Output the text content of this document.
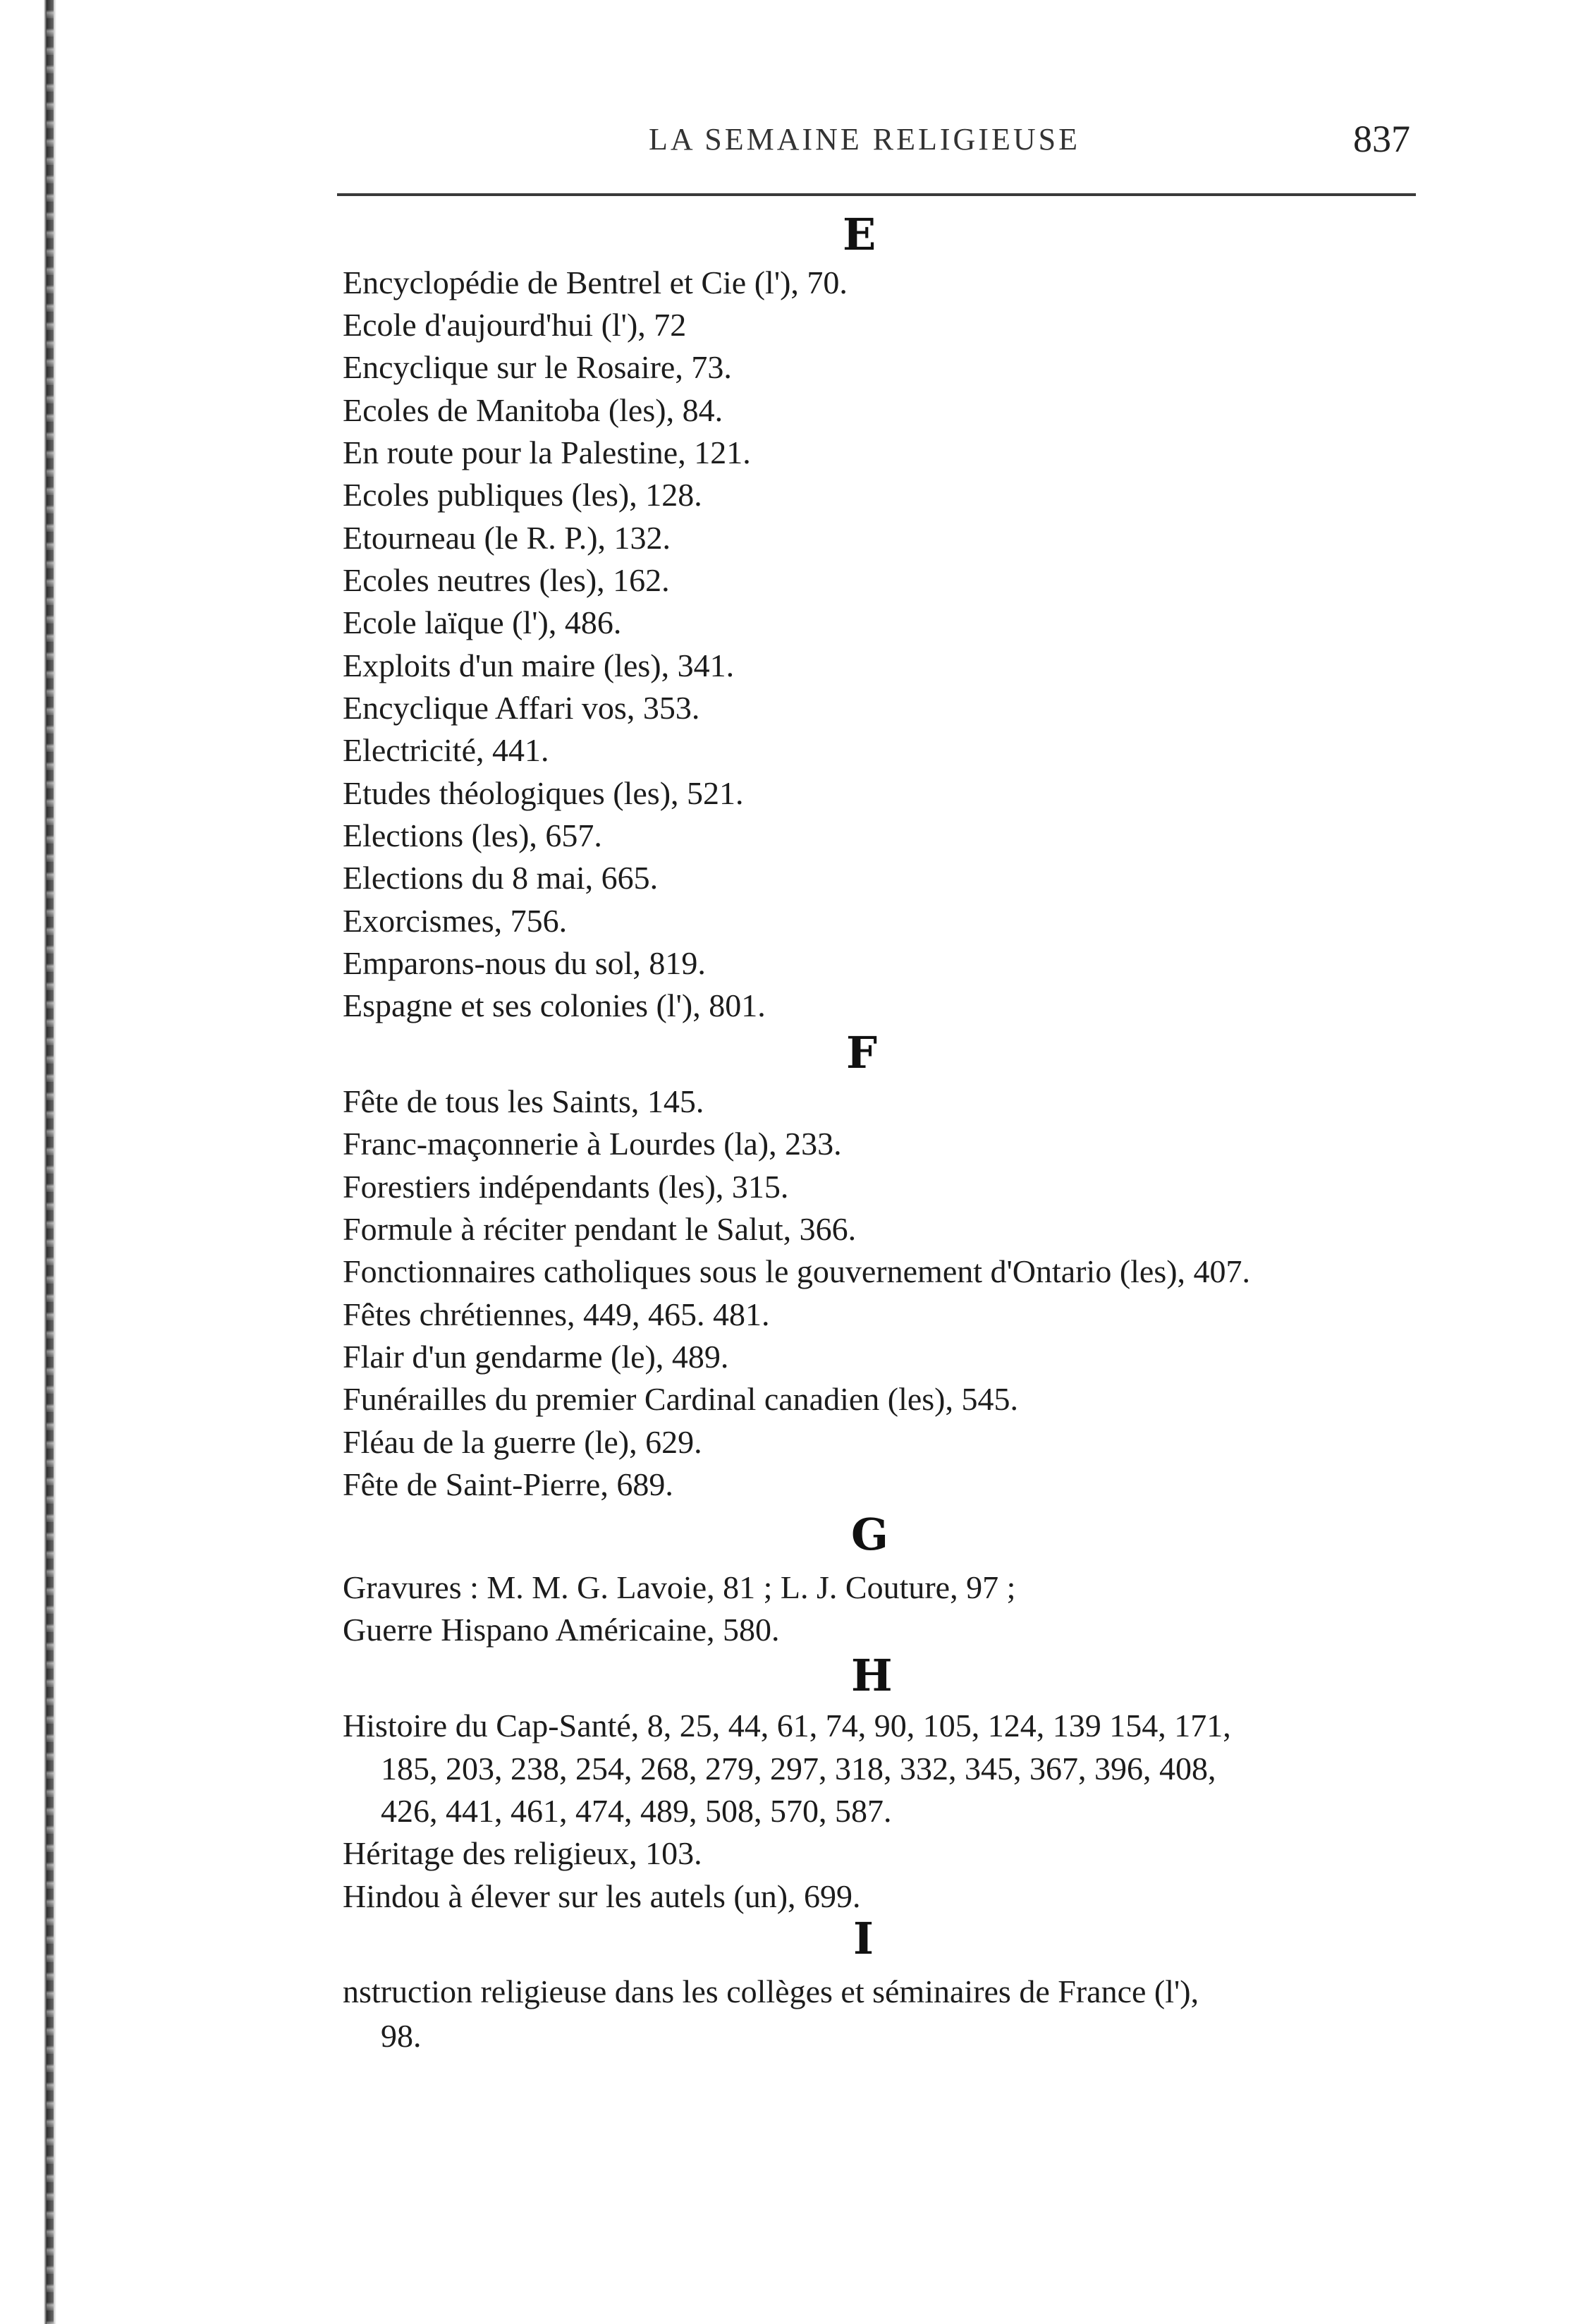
LA SEMAINE RELIGIEUSE	837
E
Encyclopédie de Bentrel et Cie (l'), 70.
Ecole d'aujourd'hui (l'), 72
Encyclique sur le Rosaire, 73.
Ecoles de Manitoba (les), 84.
En route pour la Palestine, 121.
Ecoles publiques (les), 128.
Etourneau (le R. P.), 132.
Ecoles neutres (les), 162.
Ecole laïque (l'), 486.
Exploits d'un maire (les), 341.
Encyclique Affari vos, 353.
Electricité, 441.
Etudes théologiques (les), 521.
Elections (les), 657.
Elections du 8 mai, 665.
Exorcismes, 756.
Emparons-nous du sol, 819.
Espagne et ses colonies (l'), 801.
F
Fête de tous les Saints, 145.
Franc-maçonnerie à Lourdes (la), 233.
Forestiers indépendants (les), 315.
Formule à réciter pendant le Salut, 366.
Fonctionnaires catholiques sous le gouvernement d'Ontario (les), 407.
Fêtes chrétiennes, 449, 465. 481.
Flair d'un gendarme (le), 489.
Funérailles du premier Cardinal canadien (les), 545.
Fléau de la guerre (le), 629.
Fête de Saint-Pierre, 689.
G
Gravures : M. M. G. Lavoie, 81 ; L. J. Couture, 97 ;
Guerre Hispano Américaine, 580.
H
Histoire du Cap-Santé, 8, 25, 44, 61, 74, 90, 105, 124, 139 154, 171,
185, 203, 238, 254, 268, 279, 297, 318, 332, 345, 367, 396, 408,
426, 441, 461, 474, 489, 508, 570, 587.
Héritage des religieux, 103.
Hindou à élever sur les autels (un), 699.
I
nstruction religieuse dans les collèges et séminaires de France (l'),
98.
